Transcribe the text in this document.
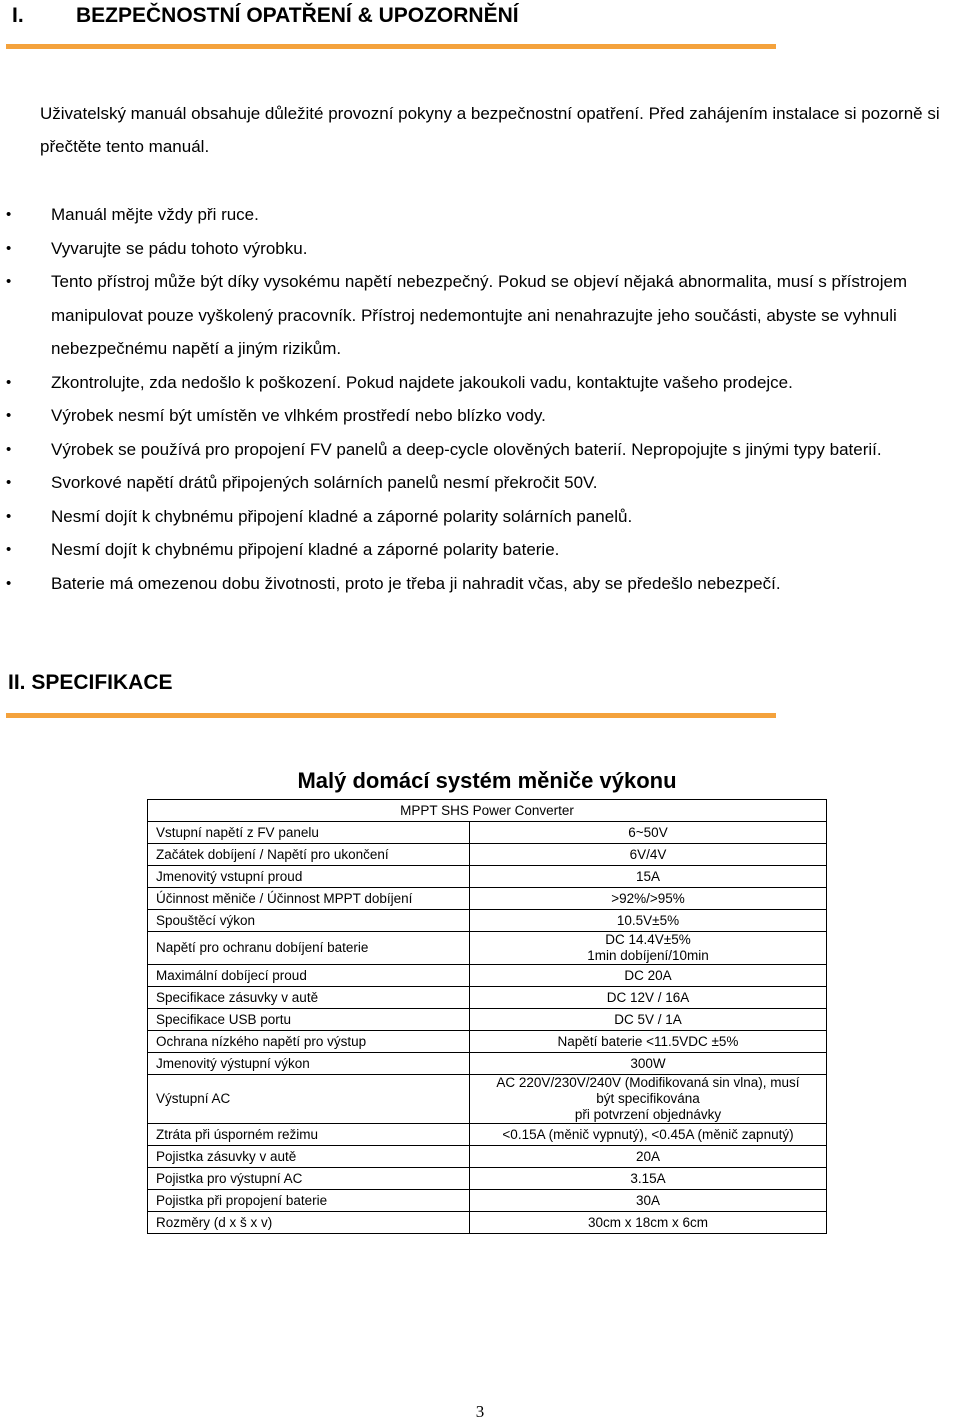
I. BEZPEČNOSTNÍ OPATŘENÍ & UPOZORNĚNÍ

Uživatelský manuál obsahuje důležité provozní pokyny a bezpečnostní opatření. Před zahájením instalace si pozorně si přečtěte tento manuál.

• Manuál mějte vždy při ruce.
• Vyvarujte se pádu tohoto výrobku.
• Tento přístroj může být díky vysokému napětí nebezpečný. Pokud se objeví nějaká abnormalita, musí s přístrojem manipulovat pouze vyškolený pracovník. Přístroj nedemontujte ani nenahrazujte jeho součásti, abyste se vyhnuli nebezpečnému napětí a jiným rizikům.
• Zkontrolujte, zda nedošlo k poškození. Pokud najdete jakoukoli vadu, kontaktujte vašeho prodejce.
• Výrobek nesmí být umístěn ve vlhkém prostředí nebo blízko vody.
• Výrobek se používá pro propojení FV panelů a deep-cycle olověných baterií. Nepropojujte s jinými typy baterií.
• Svorkové napětí drátů připojených solárních panelů nesmí překročit 50V.
• Nesmí dojít k chybnému připojení kladné a záporné polarity solárních panelů.
• Nesmí dojít k chybnému připojení kladné a záporné polarity baterie.
• Baterie má omezenou dobu životnosti, proto je třeba ji nahradit včas, aby se předešlo nebezpečí.
II. SPECIFIKACE
Malý domácí systém měniče výkonu
MPPT SHS Power Converter	
Vstupní napětí z FV panelu	6~50V
Začátek dobíjení / Napětí pro ukončení	6V/4V
Jmenovitý vstupní proud	15A
Účinnost měniče / Účinnost MPPT dobíjení	>92%/>95%
Spouštěcí výkon	10.5V±5%
Napětí pro ochranu dobíjení baterie	DC 14.4V±5%
1min dobíjení/10min
Maximální dobíjecí proud	DC 20A
Specifikace zásuvky v autě	DC 12V / 16A
Specifikace USB portu	DC 5V / 1A
Ochrana nízkého napětí pro výstup	Napětí baterie <11.5VDC ±5%
Jmenovitý výstupní výkon	300W
Výstupní AC	AC 220V/230V/240V (Modifikovaná sin vlna), musí
být specifikována
při potvrzení objednávky
Ztráta při úsporném režimu	<0.15A (měnič vypnutý), <0.45A (měnič zapnutý)
Pojistka zásuvky v autě	20A
Pojistka pro výstupní AC	3.15A
Pojistka při propojení baterie	30A
Rozměry (d x š x v)	30cm x 18cm x 6cm
3
